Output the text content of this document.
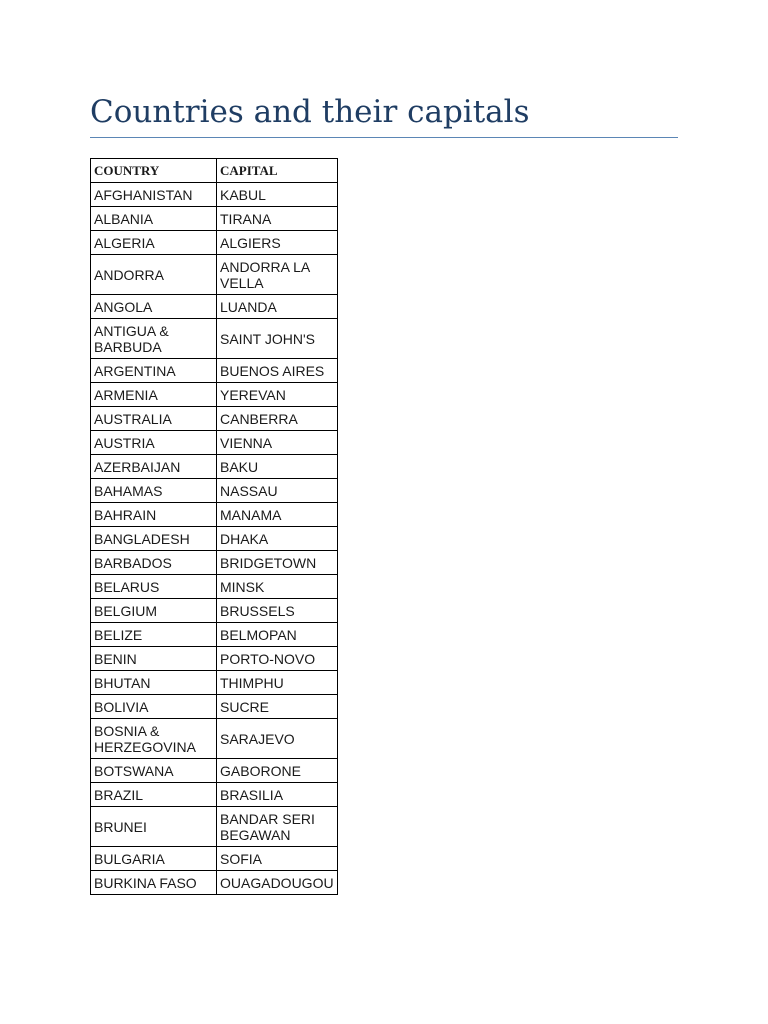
Countries and their capitals
COUNTRY	CAPITAL
AFGHANISTAN	KABUL
ALBANIA	TIRANA
ALGERIA	ALGIERS
ANDORRA	ANDORRA LA VELLA
ANGOLA	LUANDA
ANTIGUA & BARBUDA	SAINT JOHN'S
ARGENTINA	BUENOS AIRES
ARMENIA	YEREVAN
AUSTRALIA	CANBERRA
AUSTRIA	VIENNA
AZERBAIJAN	BAKU
BAHAMAS	NASSAU
BAHRAIN	MANAMA
BANGLADESH	DHAKA
BARBADOS	BRIDGETOWN
BELARUS	MINSK
BELGIUM	BRUSSELS
BELIZE	BELMOPAN
BENIN	PORTO-NOVO
BHUTAN	THIMPHU
BOLIVIA	SUCRE
BOSNIA & HERZEGOVINA	SARAJEVO
BOTSWANA	GABORONE
BRAZIL	BRASILIA
BRUNEI	BANDAR SERI BEGAWAN
BULGARIA	SOFIA
BURKINA FASO	OUAGADOUGOU
